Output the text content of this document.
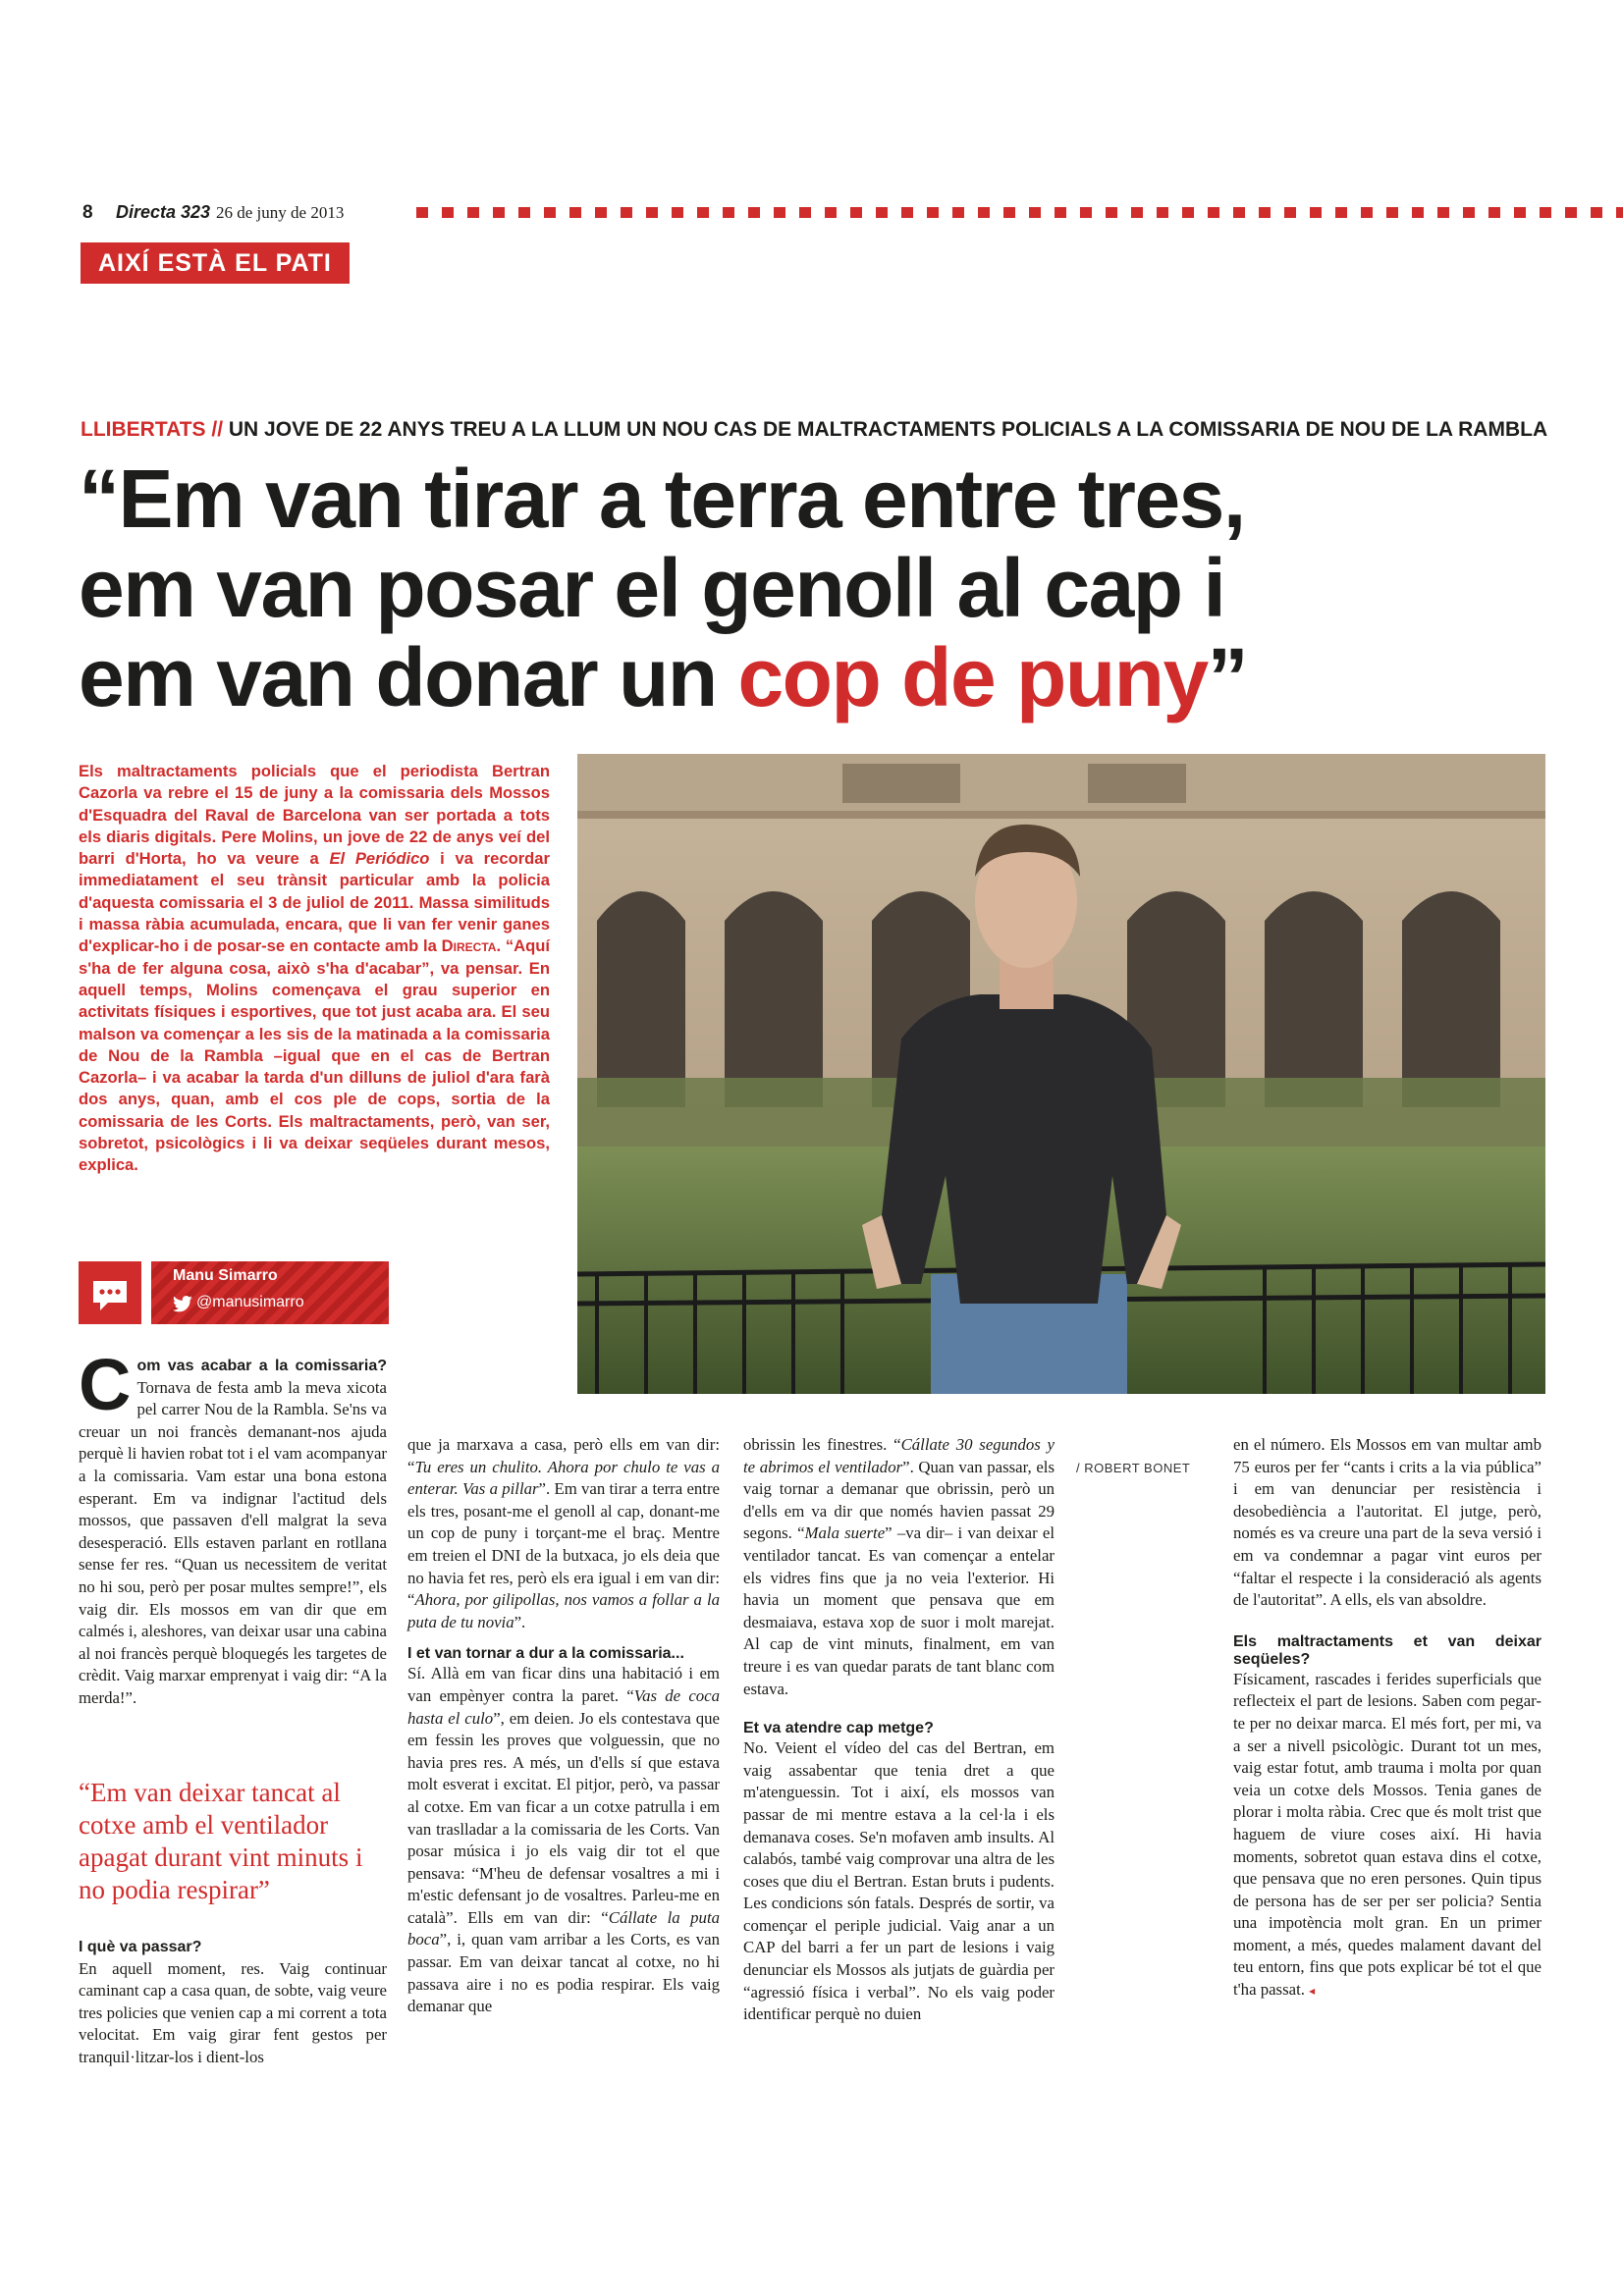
8 Directa 323 26 de juny de 2013
AIXÍ ESTÀ EL PATI
LLIBERTATS // UN JOVE DE 22 ANYS TREU A LA LLUM UN NOU CAS DE MALTRACTAMENTS POLICIALS A LA COMISSARIA DE NOU DE LA RAMBLA
“Em van tirar a terra entre tres,
em van posar el genoll al cap i
em van donar un cop de puny”

Els maltractaments policials que el periodista Bertran Cazorla va rebre el 15 de juny a la comissaria dels Mossos d'Esquadra del Raval de Barcelona van ser portada a tots els diaris digitals. Pere Molins, un jove de 22 de anys veí del barri d'Horta, ho va veure a El Periódico i va recordar immediatament el seu trànsit particular amb la policia d'aquesta comissaria el 3 de juliol de 2011. Massa similituds i massa ràbia acumulada, encara, que li van fer venir ganes d'explicar-ho i de posar-se en contacte amb la Directa. “Aquí s'ha de fer alguna cosa, això s'ha d'acabar”, va pensar. En aquell temps, Molins començava el grau superior en activitats físiques i esportives, que tot just acaba ara. El seu malson va començar a les sis de la matinada a la comissaria de Nou de la Rambla –igual que en el cas de Bertran Cazorla– i va acabar la tarda d'un dilluns de juliol d'ara farà dos anys, quan, amb el cos ple de cops, sortia de la comissaria de les Corts. Els maltractaments, però, van ser, sobretot, psicològics i li va deixar seqüeles durant mesos, explica.

/ ROBERT BONET
Manu Simarro
@manusimarro

Com vas acabar a la comissaria? Tornava de festa amb la meva xicota pel carrer Nou de la Rambla. Se'ns va creuar un noi francès demanant-nos ajuda perquè li havien robat tot i el vam acompanyar a la comissaria. Vam estar una bona estona esperant. Em va indignar l'actitud dels mossos, que passaven d'ell malgrat la seva desesperació. Ells estaven parlant en rotllana sense fer res. “Quan us necessitem de veritat no hi sou, però per posar multes sempre!”, els vaig dir. Els mossos em van dir que em calmés i, aleshores, van deixar usar una cabina al noi francès perquè bloquegés les targetes de crèdit. Vaig marxar emprenyat i vaig dir: “A la merda!”.

“Em van deixar tancat al cotxe amb el ventilador apagat durant vint minuts i no podia respirar”
I què va passar?

En aquell moment, res. Vaig continuar caminant cap a casa quan, de sobte, vaig veure tres policies que venien cap a mi corrent a tota velocitat. Em vaig girar fent gestos per tranquil·litzar-los i dient-los

que ja marxava a casa, però ells em van dir: “Tu eres un chulito. Ahora por chulo te vas a enterar. Vas a pillar”. Em van tirar a terra entre els tres, posant-me el genoll al cap, donant-me un cop de puny i torçant-me el braç. Mentre em treien el DNI de la butxaca, jo els deia que no havia fet res, però els era igual i em van dir: “Ahora, por gilipollas, nos vamos a follar a la puta de tu novia”.

I et van tornar a dur a la comissaria...

Sí. Allà em van ficar dins una habitació i em van empènyer contra la paret. “Vas de coca hasta el culo”, em deien. Jo els contestava que em fessin les proves que volguessin, que no havia pres res. A més, un d'ells sí que estava molt esverat i excitat. El pitjor, però, va passar al cotxe. Em van ficar a un cotxe patrulla i em van traslladar a la comissaria de les Corts. Van posar música i jo els vaig dir tot el que pensava: “M'heu de defensar vosaltres a mi i m'estic defensant jo de vosaltres. Parleu-me en català”. Ells em van dir: “Cállate la puta boca”, i, quan vam arribar a les Corts, es van passar. Em van deixar tancat al cotxe, no hi passava aire i no es podia respirar. Els vaig demanar que

obrissin les finestres. “Cállate 30 segundos y te abrimos el ventilador”. Quan van passar, els vaig tornar a demanar que obrissin, però un d'ells em va dir que només havien passat 29 segons. “Mala suerte” –va dir– i van deixar el ventilador tancat. Es van començar a entelar els vidres fins que ja no veia l'exterior. Hi havia un moment que pensava que em desmaiava, estava xop de suor i molt marejat. Al cap de vint minuts, finalment, em van treure i es van quedar parats de tant blanc com estava.

Et va atendre cap metge?

No. Veient el vídeo del cas del Bertran, em vaig assabentar que tenia dret a que m'atenguessin. Tot i així, els mossos van passar de mi mentre estava a la cel·la i els demanava coses. Se'n mofaven amb insults. Al calabós, també vaig comprovar una altra de les coses que diu el Bertran. Estan bruts i pudents. Les condicions són fatals. Després de sortir, va començar el periple judicial. Vaig anar a un CAP del barri a fer un part de lesions i vaig denunciar els Mossos als jutjats de guàrdia per “agressió física i verbal”. No els vaig poder identificar perquè no duien

en el número. Els Mossos em van multar amb 75 euros per fer “cants i crits a la via pública” i em van denunciar per resistència i desobediència a l'autoritat. El jutge, però, només es va creure una part de la seva versió i em va condemnar a pagar vint euros per “faltar el respecte i la consideració als agents de l'autoritat”. A ells, els van absoldre.

Els maltractaments et van deixar seqüeles?

Físicament, rascades i ferides superficials que reflecteix el part de lesions. Saben com pegar-te per no deixar marca. El més fort, per mi, va a ser a nivell psicològic. Durant tot un mes, vaig estar fotut, amb trauma i molta por quan veia un cotxe dels Mossos. Tenia ganes de plorar i molta ràbia. Crec que és molt trist que haguem de viure coses així. Hi havia moments, sobretot quan estava dins el cotxe, que pensava que no eren persones. Quin tipus de persona has de ser per ser policia? Sentia una impotència molt gran. En un primer moment, a més, quedes malament davant del teu entorn, fins que pots explicar bé tot el que t'ha passat. ◂
